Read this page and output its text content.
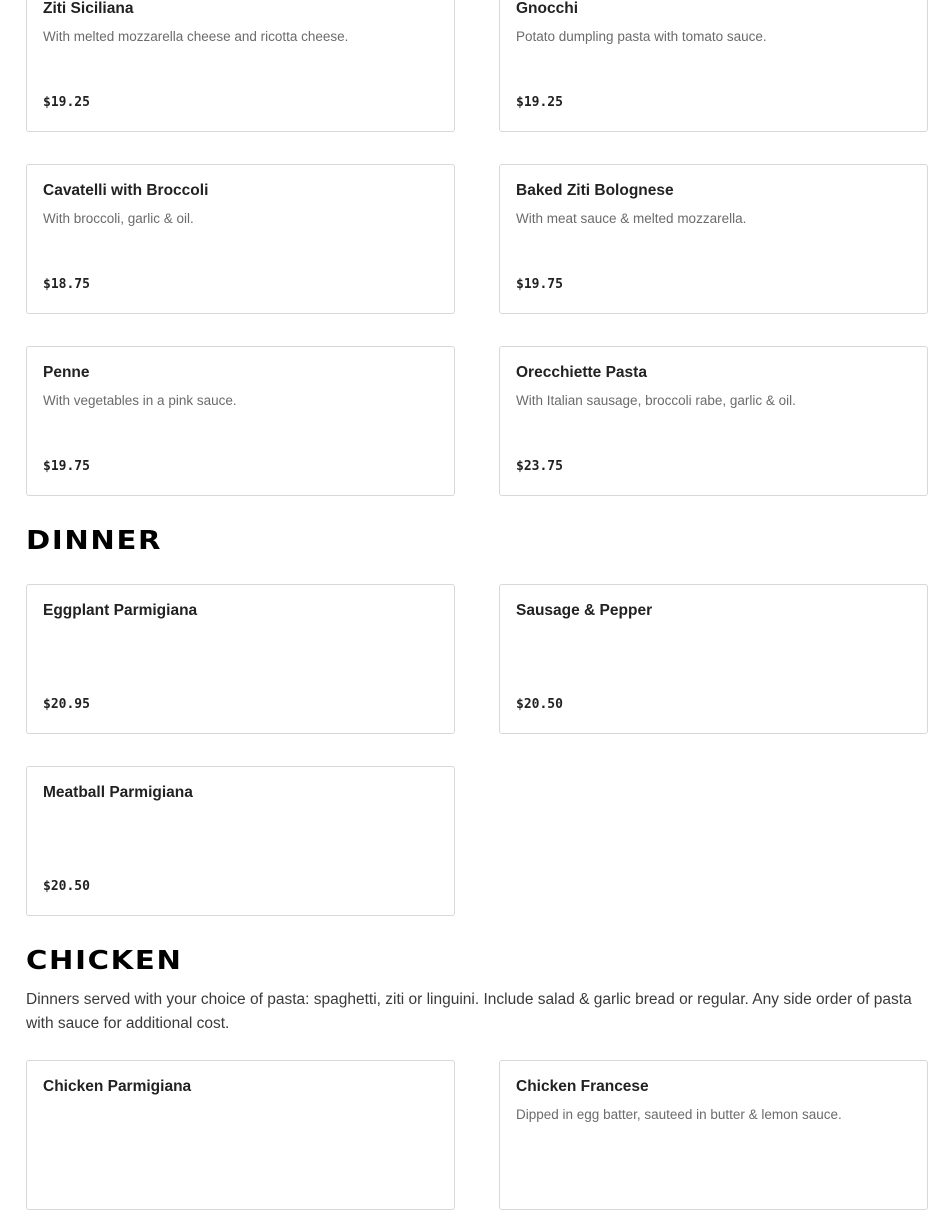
Ziti Siciliana
With melted mozzarella cheese and ricotta cheese.
$19.25
Gnocchi
Potato dumpling pasta with tomato sauce.
$19.25
Cavatelli with Broccoli
With broccoli, garlic & oil.
$18.75
Baked Ziti Bolognese
With meat sauce & melted mozzarella.
$19.75
Penne
With vegetables in a pink sauce.
$19.75
Orecchiette Pasta
With Italian sausage, broccoli rabe, garlic & oil.
$23.75
DINNER
Eggplant Parmigiana
$20.95
Sausage & Pepper
$20.50
Meatball Parmigiana
$20.50
CHICKEN

Dinners served with your choice of pasta: spaghetti, ziti or linguini. Include salad & garlic bread or regular. Any side order of pasta with sauce for additional cost.

Chicken Parmigiana	Chicken Francese
Dipped in egg batter, sauteed in butter & lemon sauce.
